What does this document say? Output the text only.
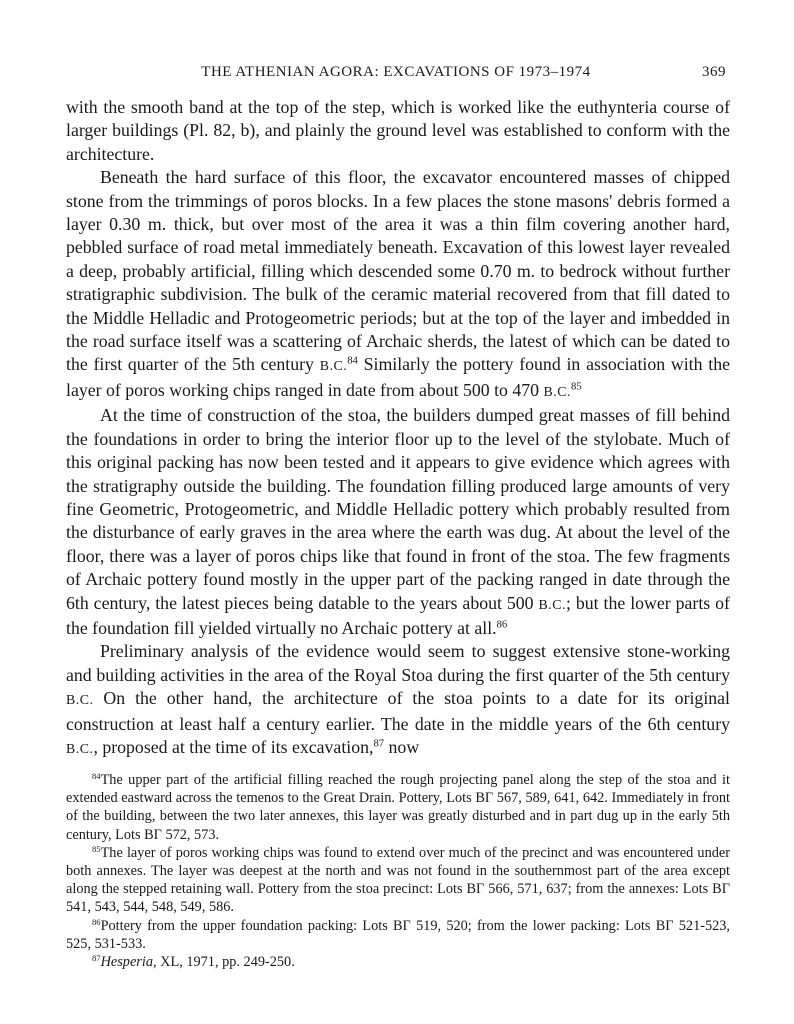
THE ATHENIAN AGORA: EXCAVATIONS OF 1973–1974	369

with the smooth band at the top of the step, which is worked like the euthynteria course of larger buildings (Pl. 82, b), and plainly the ground level was established to conform with the architecture.

Beneath the hard surface of this floor, the excavator encountered masses of chipped stone from the trimmings of poros blocks. In a few places the stone masons' debris formed a layer 0.30 m. thick, but over most of the area it was a thin film covering another hard, pebbled surface of road metal immediately beneath. Excavation of this lowest layer revealed a deep, probably artificial, filling which descended some 0.70 m. to bedrock without further stratigraphic subdivision. The bulk of the ceramic material recovered from that fill dated to the Middle Helladic and Protogeometric periods; but at the top of the layer and imbedded in the road surface itself was a scattering of Archaic sherds, the latest of which can be dated to the first quarter of the 5th century B.C.$^{84}$ Similarly the pottery found in association with the layer of poros working chips ranged in date from about 500 to 470 B.C.$^{85}$

At the time of construction of the stoa, the builders dumped great masses of fill behind the foundations in order to bring the interior floor up to the level of the stylobate. Much of this original packing has now been tested and it appears to give evidence which agrees with the stratigraphy outside the building. The foundation filling produced large amounts of very fine Geometric, Protogeometric, and Middle Helladic pottery which probably resulted from the disturbance of early graves in the area where the earth was dug. At about the level of the floor, there was a layer of poros chips like that found in front of the stoa. The few fragments of Archaic pottery found mostly in the upper part of the packing ranged in date through the 6th century, the latest pieces being datable to the years about 500 B.C.; but the lower parts of the foundation fill yielded virtually no Archaic pottery at all.$^{86}$

Preliminary analysis of the evidence would seem to suggest extensive stone-working and building activities in the area of the Royal Stoa during the first quarter of the 5th century B.C. On the other hand, the architecture of the stoa points to a date for its original construction at least half a century earlier. The date in the middle years of the 6th century B.C., proposed at the time of its excavation,$^{87}$ now

$^{84}$The upper part of the artificial filling reached the rough projecting panel along the step of the stoa and it extended eastward across the temenos to the Great Drain. Pottery, Lots ΒΓ 567, 589, 641, 642. Immediately in front of the building, between the two later annexes, this layer was greatly disturbed and in part dug up in the early 5th century, Lots ΒΓ 572, 573.

$^{85}$The layer of poros working chips was found to extend over much of the precinct and was encountered under both annexes. The layer was deepest at the north and was not found in the southernmost part of the area except along the stepped retaining wall. Pottery from the stoa precinct: Lots ΒΓ 566, 571, 637; from the annexes: Lots ΒΓ 541, 543, 544, 548, 549, 586.

$^{86}$Pottery from the upper foundation packing: Lots ΒΓ 519, 520; from the lower packing: Lots ΒΓ 521-523, 525, 531-533.

$^{87}$Hesperia, XL, 1971, pp. 249-250.
